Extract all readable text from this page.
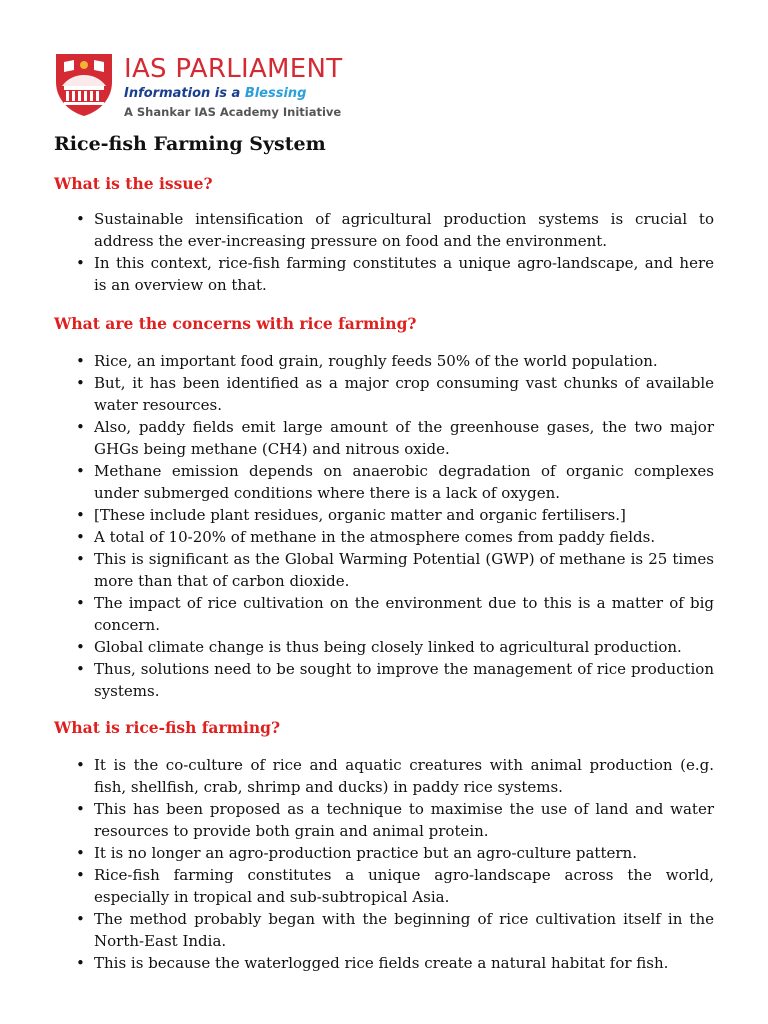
IAS PARLIAMENT
Information is a Blessing
A Shankar IAS Academy Initiative
Rice-fish Farming System
What is the issue?
• Sustainable intensification of agricultural production systems is crucial to address the ever-increasing pressure on food and the environment.
• In this context, rice-fish farming constitutes a unique agro-landscape, and here is an overview on that.
What are the concerns with rice farming?
• Rice, an important food grain, roughly feeds 50% of the world population.
• But, it has been identified as a major crop consuming vast chunks of available water resources.
• Also, paddy fields emit large amount of the greenhouse gases, the two major GHGs being methane (CH4) and nitrous oxide.
• Methane emission depends on anaerobic degradation of organic complexes under submerged conditions where there is a lack of oxygen.
• [These include plant residues, organic matter and organic fertilisers.]
• A total of 10-20% of methane in the atmosphere comes from paddy fields.
• This is significant as the Global Warming Potential (GWP) of methane is 25 times more than that of carbon dioxide.
• The impact of rice cultivation on the environment due to this is a matter of big concern.
• Global climate change is thus being closely linked to agricultural production.
• Thus, solutions need to be sought to improve the management of rice production systems.
What is rice-fish farming?
• It is the co-culture of rice and aquatic creatures with animal production (e.g. fish, shellfish, crab, shrimp and ducks) in paddy rice systems.
• This has been proposed as a technique to maximise the use of land and water resources to provide both grain and animal protein.
• It is no longer an agro-production practice but an agro-culture pattern.
• Rice-fish farming constitutes a unique agro-landscape across the world, especially in tropical and sub-subtropical Asia.
• The method probably began with the beginning of rice cultivation itself in the North-East India.
• This is because the waterlogged rice fields create a natural habitat for fish.
